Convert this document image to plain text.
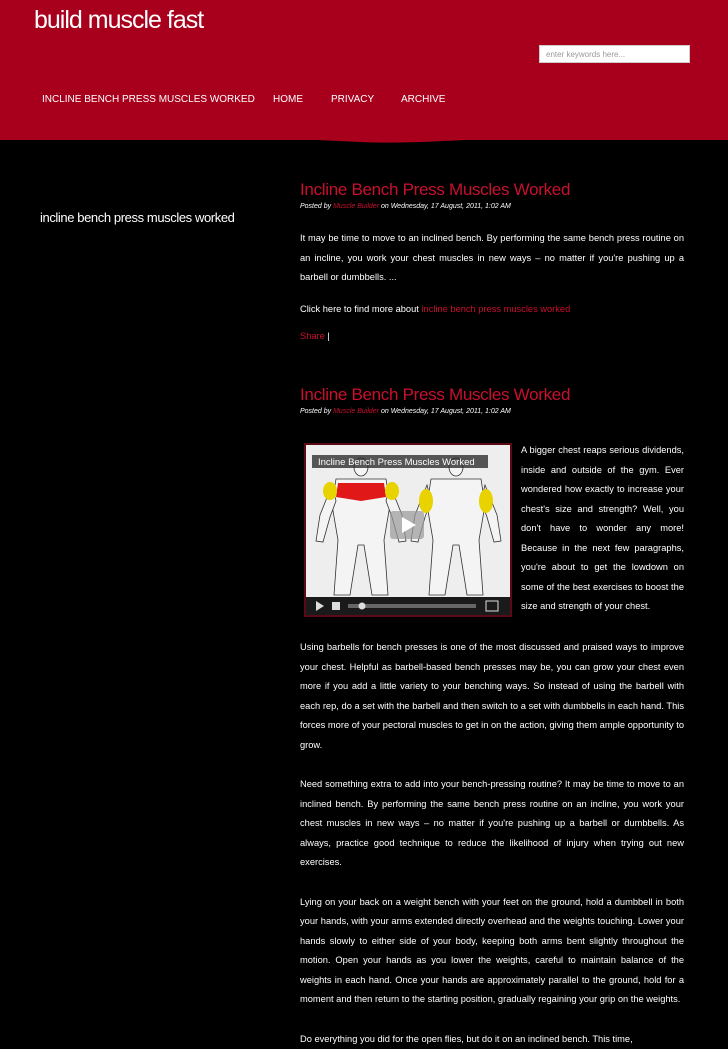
build muscle fast
enter keywords here...
INCLINE BENCH PRESS MUSCLES WORKED HOME	PRIVACY	ARCHIVE
incline bench press muscles worked
Incline Bench Press Muscles Worked
Posted by Muscle Builder on Wednesday, 17 August, 2011, 1:02 AM

It may be time to move to an inclined bench. By performing the same bench press routine on an incline, you work your chest muscles in new ways – no matter if you're pushing up a barbell or dumbbells. ...

Click here to find more about incline bench press muscles worked

Share |

Incline Bench Press Muscles Worked
Posted by Muscle Builder on Wednesday, 17 August, 2011, 1:02 AM
Incline Bench Press Muscles Worked

A bigger chest reaps serious dividends, inside and outside of the gym. Ever wondered how exactly to increase your chest's size and strength? Well, you don't have to wonder any more! Because in the next few paragraphs, you're about to get the lowdown on some of the best exercises to boost the size and strength of your chest.

Using barbells for bench presses is one of the most discussed and praised ways to improve your chest. Helpful as barbell-based bench presses may be, you can grow your chest even more if you add a little variety to your benching ways. So instead of using the barbell with each rep, do a set with the barbell and then switch to a set with dumbbells in each hand. This forces more of your pectoral muscles to get in on the action, giving them ample opportunity to grow.

Need something extra to add into your bench-pressing routine? It may be time to move to an inclined bench. By performing the same bench press routine on an incline, you work your chest muscles in new ways – no matter if you're pushing up a barbell or dumbbells. As always, practice good technique to reduce the likelihood of injury when trying out new exercises.

Lying on your back on a weight bench with your feet on the ground, hold a dumbbell in both your hands, with your arms extended directly overhead and the weights touching. Lower your hands slowly to either side of your body, keeping both arms bent slightly throughout the motion. Open your hands as you lower the weights, careful to maintain balance of the weights in each hand. Once your hands are approximately parallel to the ground, hold for a moment and then return to the starting position, gradually regaining your grip on the weights.

Do everything you did for the open flies, but do it on an inclined bench. This time,
